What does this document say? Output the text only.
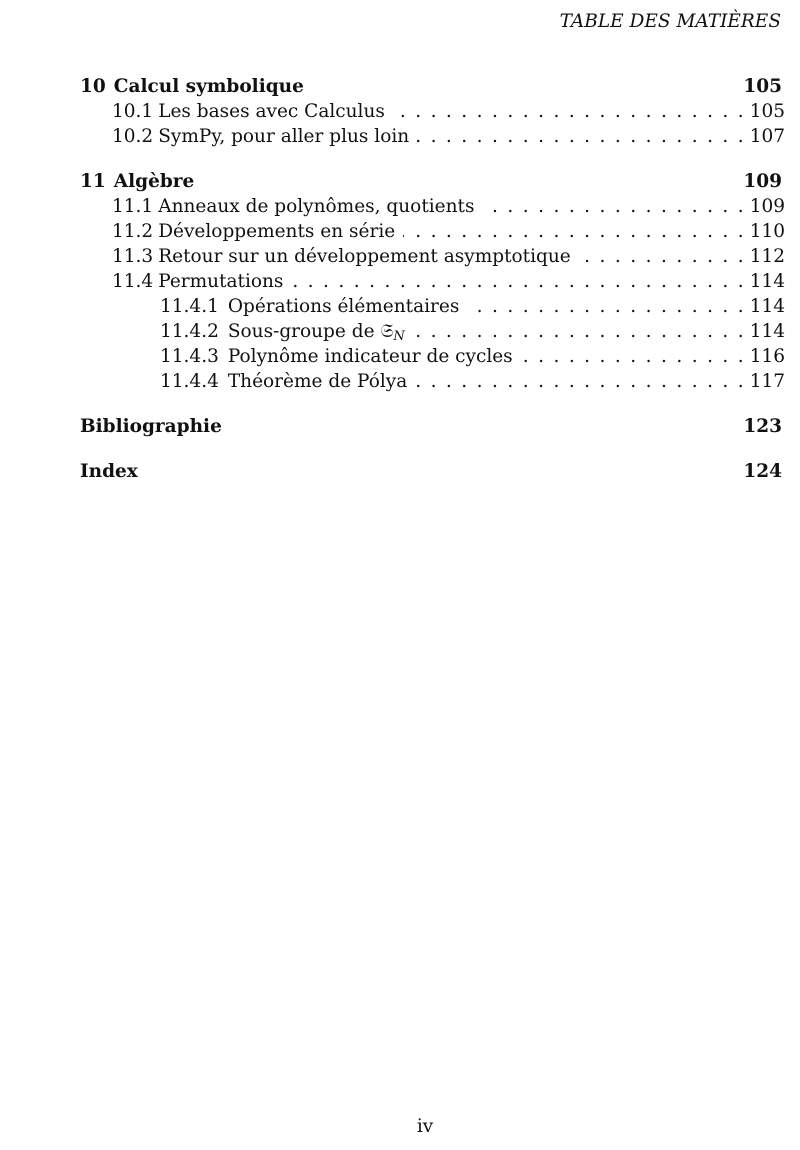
TABLE DES MATIÈRES
10 Calcul symbolique	105
10.1 Les bases avec Calculus . . .	105
10.2 SymPy, pour aller plus loin . . .	107
11 Algèbre	109
11.1 Anneaux de polynômes, quotients . . .	109
11.2 Développements en série . . .	110
11.3 Retour sur un développement asymptotique . . .	112
11.4 Permutations . . .	114
11.4.1 Opérations élémentaires . . .	114
11.4.2 Sous-groupe de 𝔖N . . .	114
11.4.3 Polynôme indicateur de cycles . . .	116
11.4.4 Théorème de Pólya . . .	117
Bibliographie	123
Index	124
iv
